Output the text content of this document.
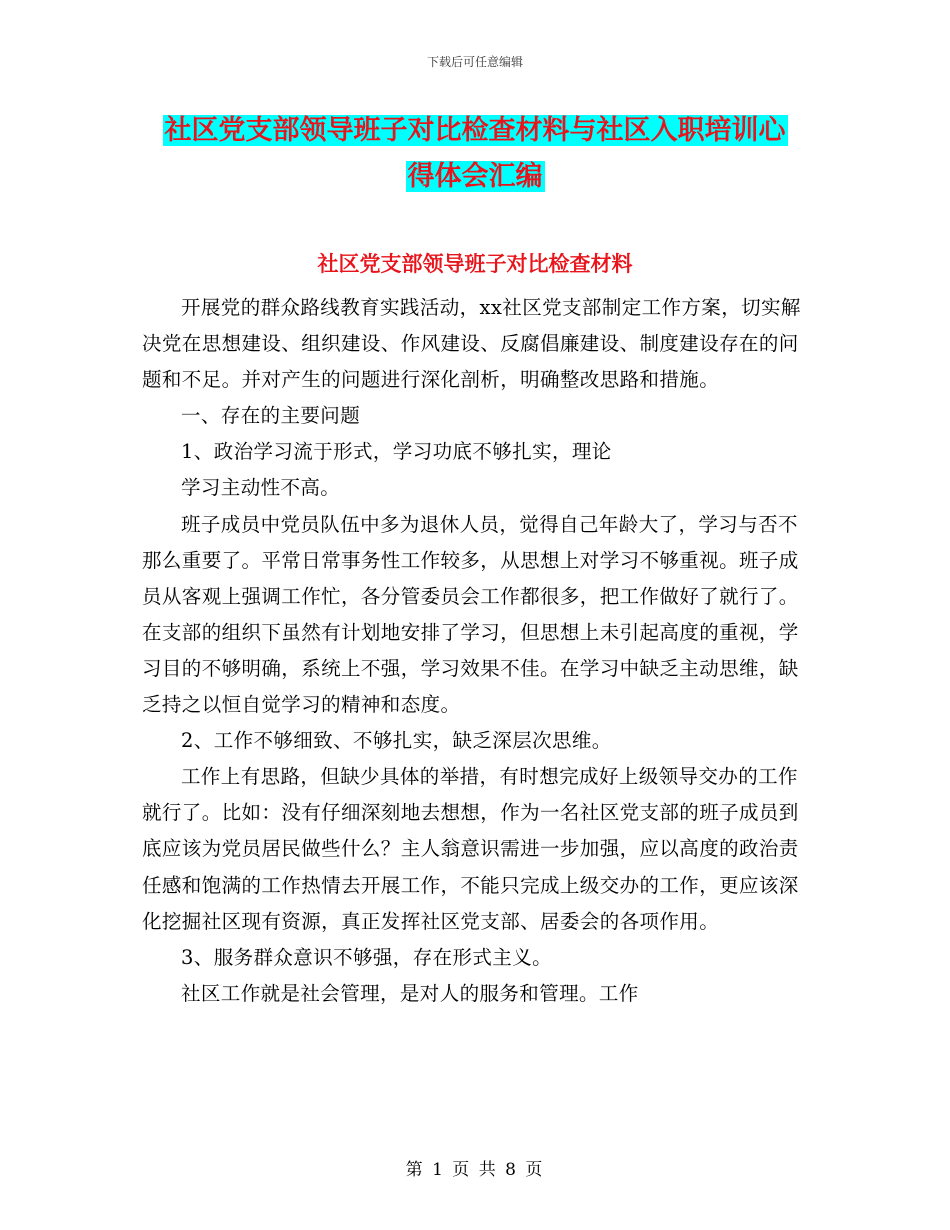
下载后可任意编辑
社区党支部领导班子对比检查材料与社区入职培训心
得体会汇编
社区党支部领导班子对比检查材料

开展党的群众路线教育实践活动，xx社区党支部制定工作方案，切实解决党在思想建设、组织建设、作风建设、反腐倡廉建设、制度建设存在的问题和不足。并对产生的问题进行深化剖析，明确整改思路和措施。

一、存在的主要问题

1、政治学习流于形式，学习功底不够扎实，理论

学习主动性不高。

班子成员中党员队伍中多为退休人员，觉得自己年龄大了，学习与否不那么重要了。平常日常事务性工作较多，从思想上对学习不够重视。班子成员从客观上强调工作忙，各分管委员会工作都很多，把工作做好了就行了。在支部的组织下虽然有计划地安排了学习，但思想上未引起高度的重视，学习目的不够明确，系统上不强，学习效果不佳。在学习中缺乏主动思维，缺乏持之以恒自觉学习的精神和态度。

2、工作不够细致、不够扎实，缺乏深层次思维。

工作上有思路，但缺少具体的举措，有时想完成好上级领导交办的工作就行了。比如：没有仔细深刻地去想想，作为一名社区党支部的班子成员到底应该为党员居民做些什么？主人翁意识需进一步加强，应以高度的政治责任感和饱满的工作热情去开展工作，不能只完成上级交办的工作，更应该深化挖掘社区现有资源，真正发挥社区党支部、居委会的各项作用。

3、服务群众意识不够强，存在形式主义。

社区工作就是社会管理，是对人的服务和管理。工作

第 1 页 共 8 页
